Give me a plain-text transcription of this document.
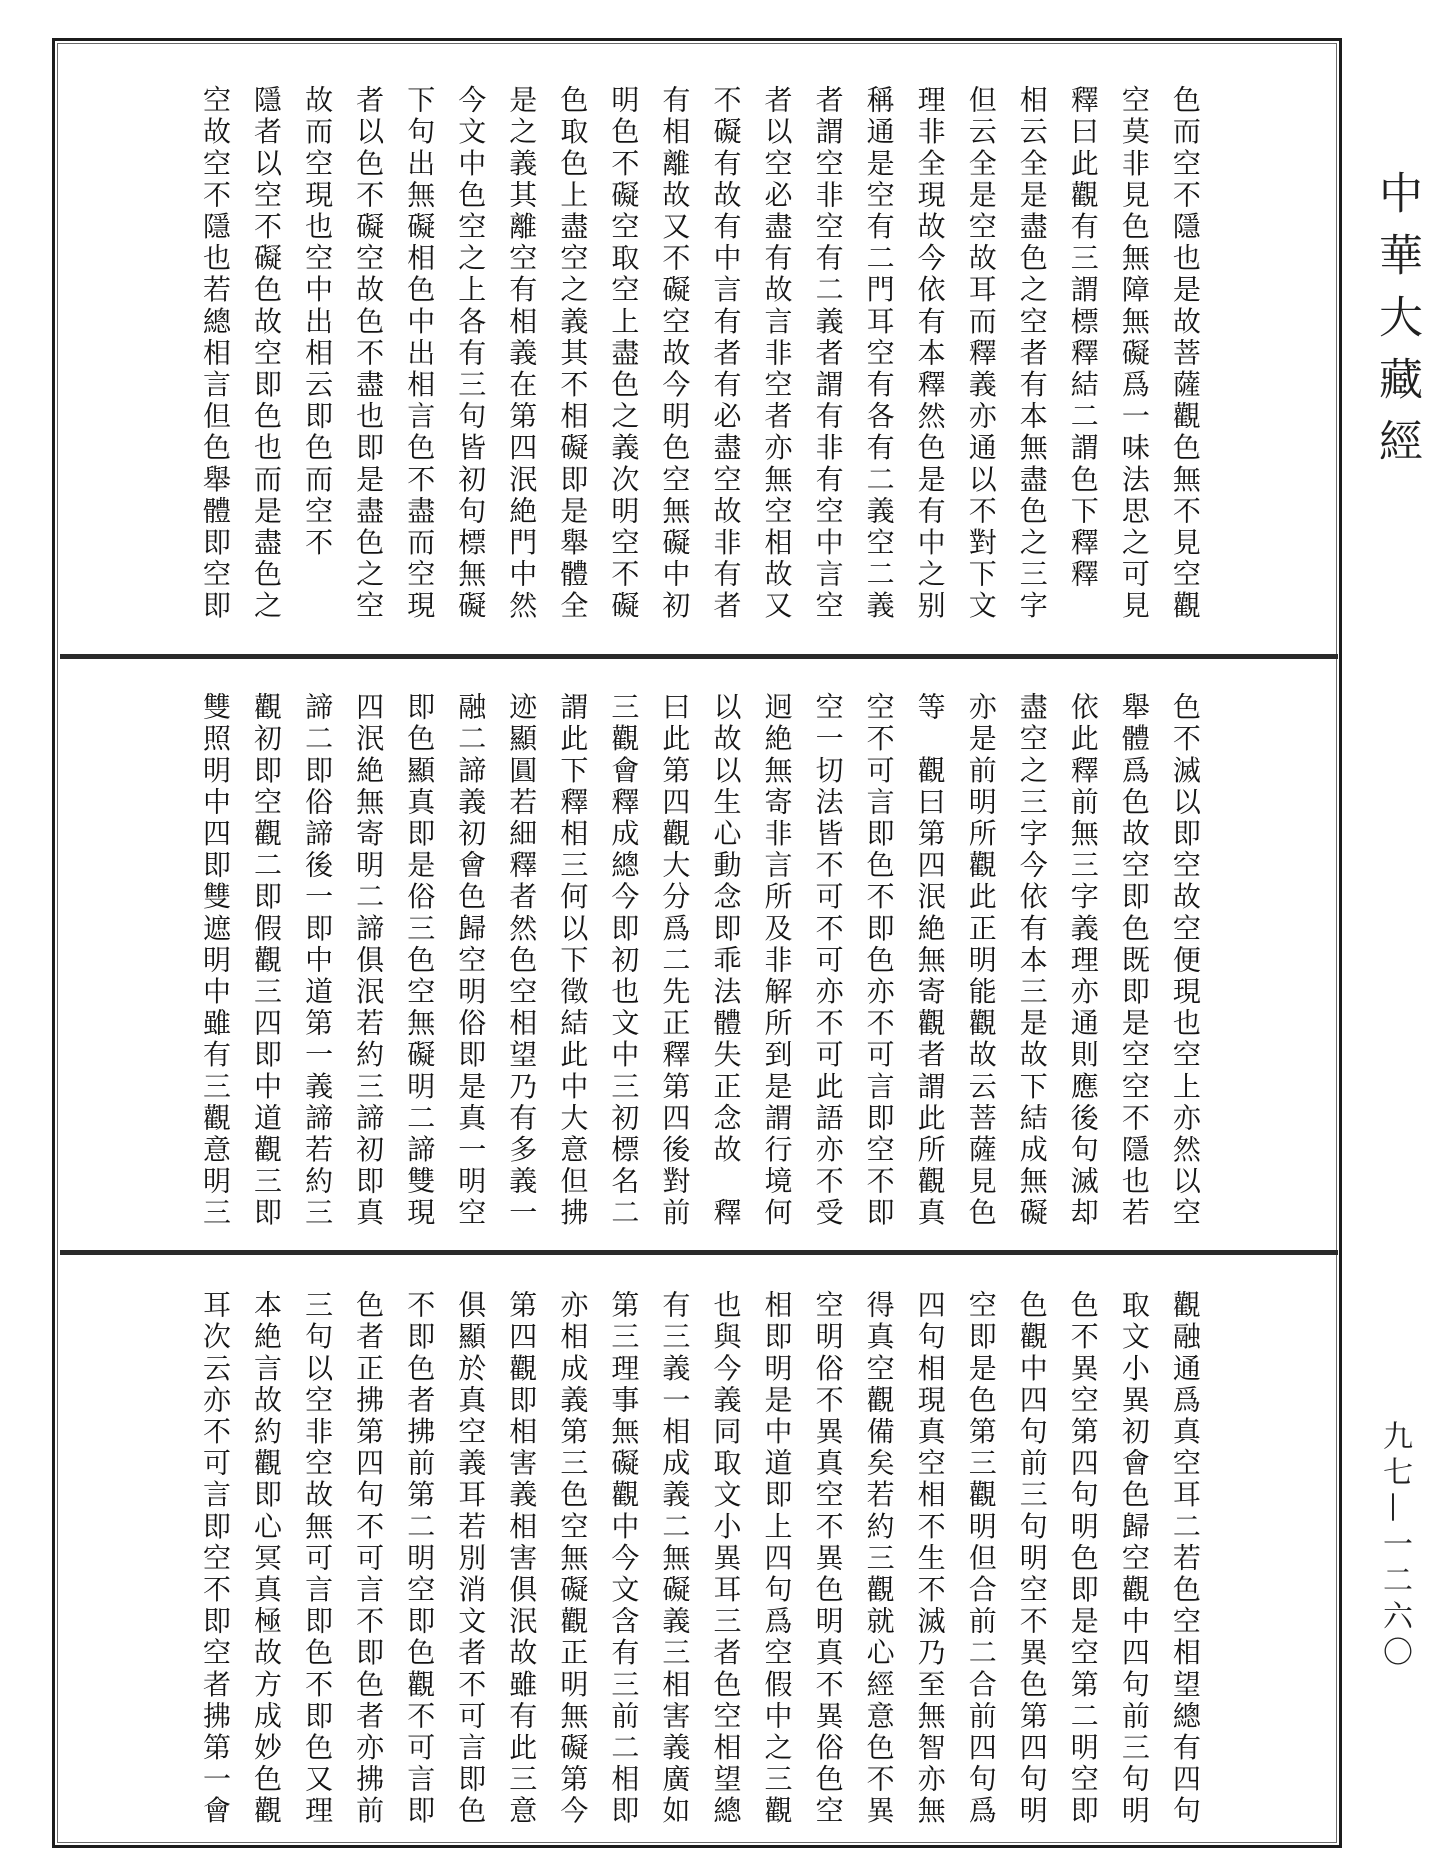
色而空不隱也是故菩薩觀色無不見空觀
空莫非見色無障無礙爲一味法思之可見
釋曰此觀有三謂標釋結二謂色下釋釋
相云全是盡色之空者有本無盡色之三字
但云全是空故耳而釋義亦通以不對下文
理非全現故今依有本釋然色是有中之别
稱通是空有二門耳空有各有二義空二義
者謂空非空有二義者謂有非有空中言空
者以空必盡有故言非空者亦無空相故又
不礙有故有中言有者有必盡空故非有者
有相離故又不礙空故今明色空無礙中初
明色不礙空取空上盡色之義次明空不礙
色取色上盡空之義其不相礙即是舉體全
是之義其離空有相義在第四泯絶門中然
今文中色空之上各有三句皆初句標無礙
下句出無礙相色中出相言色不盡而空現
者以色不礙空故色不盡也即是盡色之空
故而空現也空中出相云即色而空不
隱者以空不礙色故空即色也而是盡色之
空故空不隱也若總相言但色舉體即空即
色不滅以即空故空便現也空上亦然以空
舉體爲色故空即色既即是空空不隱也若
依此釋前無三字義理亦通則應後句滅却
盡空之三字今依有本三是故下結成無礙
亦是前明所觀此正明能觀故云菩薩見色
等　觀曰第四泯絶無寄觀者謂此所觀真
空不可言即色不即色亦不可言即空不即
空一切法皆不可不可亦不可此語亦不受
迥絶無寄非言所及非解所到是謂行境何
以故以生心動念即乖法體失正念故　釋
曰此第四觀大分爲二先正釋第四後對前
三觀會釋成總今即初也文中三初標名二
謂此下釋相三何以下徵結此中大意但拂
迹顯圓若細釋者然色空相望乃有多義一
融二諦義初會色歸空明俗即是真一明空
即色顯真即是俗三色空無礙明二諦雙現
四泯絶無寄明二諦俱泯若約三諦初即真
諦二即俗諦後一即中道第一義諦若約三
觀初即空觀二即假觀三四即中道觀三即
雙照明中四即雙遮明中雖有三觀意明三
觀融通爲真空耳二若色空相望總有四句
取文小異初會色歸空觀中四句前三句明
色不異空第四句明色即是空第二明空即
色觀中四句前三句明空不異色第四句明
空即是色第三觀明但合前二合前四句爲
四句相現真空相不生不滅乃至無智亦無
得真空觀備矣若約三觀就心經意色不異
空明俗不異真空不異色明真不異俗色空
相即明是中道即上四句爲空假中之三觀
也與今義同取文小異耳三者色空相望總
有三義一相成義二無礙義三相害義廣如
第三理事無礙觀中今文含有三前二相即
亦相成義第三色空無礙觀正明無礙第今
第四觀即相害義相害俱泯故雖有此三意
俱顯於真空義耳若別消文者不可言即色
不即色者拂前第二明空即色觀不可言即
色者正拂第四句不可言不即色者亦拂前
三句以空非空故無可言即色不即色又理
本絶言故約觀即心冥真極故方成妙色觀
耳次云亦不可言即空不即空者拂第一會
中華大藏經
九七—一二六〇
